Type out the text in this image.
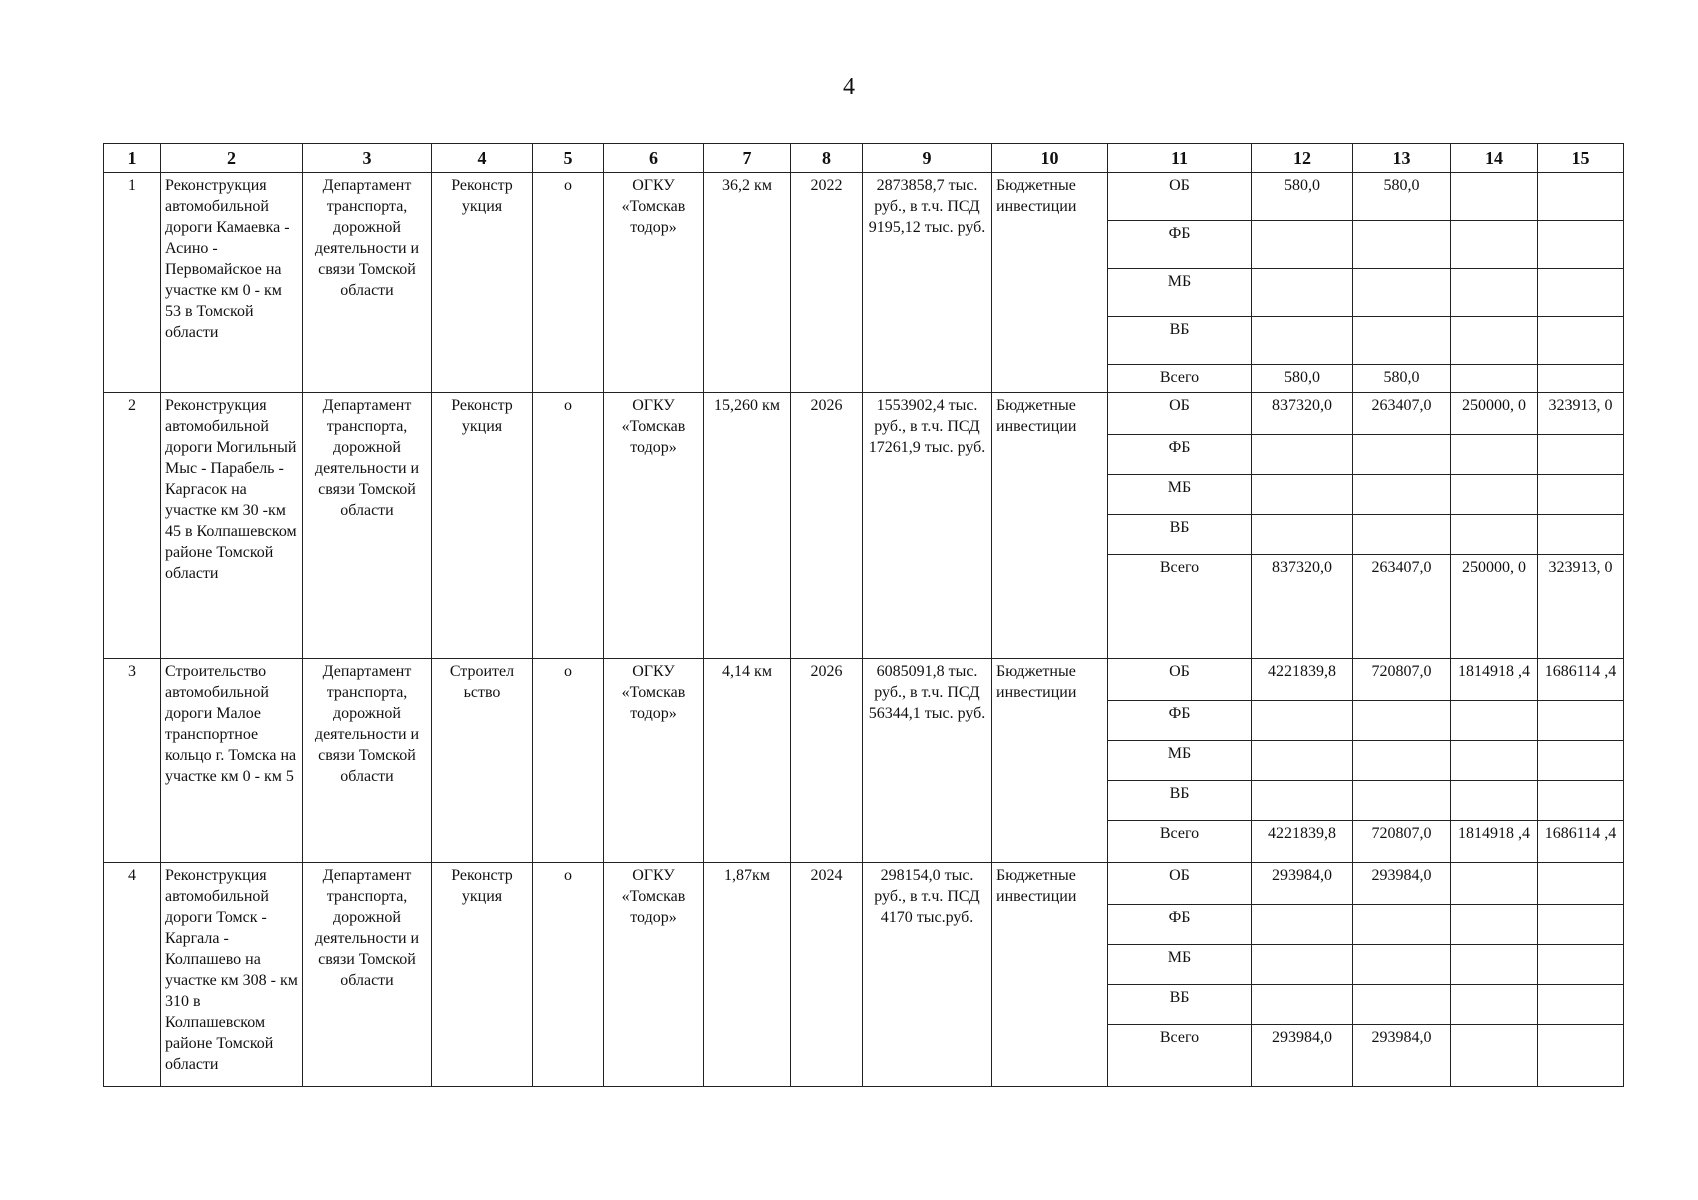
4
1	2	3	4	5	6	7	8	9	10	11	12	13	14	15
1	Реконструкция автомобильной дороги Камаевка - Асино - Первомайское на участке км 0 - км 53 в Томской области	Департамент транспорта, дорожной деятельности и связи Томской области	Реконстр укция	о	ОГКУ «Томскав тодор»	36,2 км	2022	2873858,7 тыс. руб., в т.ч. ПСД 9195,12 тыс. руб.	Бюджетные инвестиции	ОБ	580,0	580,0		
										ФБ				
										МБ				
										ВБ				
										Всего	580,0	580,0		
2	Реконструкция автомобильной дороги Могильный Мыс - Парабель - Каргасок на участке км 30 -км 45 в Колпашевском районе Томской области	Департамент транспорта, дорожной деятельности и связи Томской области	Реконстр укция	о	ОГКУ «Томскав тодор»	15,260 км	2026	1553902,4 тыс. руб., в т.ч. ПСД 17261,9 тыс. руб.	Бюджетные инвестиции	ОБ	837320,0	263407,0	250000, 0	323913, 0
										ФБ				
										МБ				
										ВБ				
										Всего	837320,0	263407,0	250000, 0	323913, 0
3	Строительство автомобильной дороги Малое транспортное кольцо г. Томска на участке км 0 - км 5	Департамент транспорта, дорожной деятельности и связи Томской области	Строител ьство	о	ОГКУ «Томскав тодор»	4,14 км	2026	6085091,8 тыс. руб., в т.ч. ПСД 56344,1 тыс. руб.	Бюджетные инвестиции	ОБ	4221839,8	720807,0	1814918 ,4	1686114 ,4
										ФБ				
										МБ				
										ВБ				
										Всего	4221839,8	720807,0	1814918 ,4	1686114 ,4
4	Реконструкция автомобильной дороги Томск - Каргала - Колпашево на участке км 308 - км 310 в Колпашевском районе Томской области	Департамент транспорта, дорожной деятельности и связи Томской области	Реконстр укция	о	ОГКУ «Томскав тодор»	1,87км	2024	298154,0 тыс. руб., в т.ч. ПСД 4170 тыс.руб.	Бюджетные инвестиции	ОБ	293984,0	293984,0		
										ФБ				
										МБ				
										ВБ				
										Всего	293984,0	293984,0		
